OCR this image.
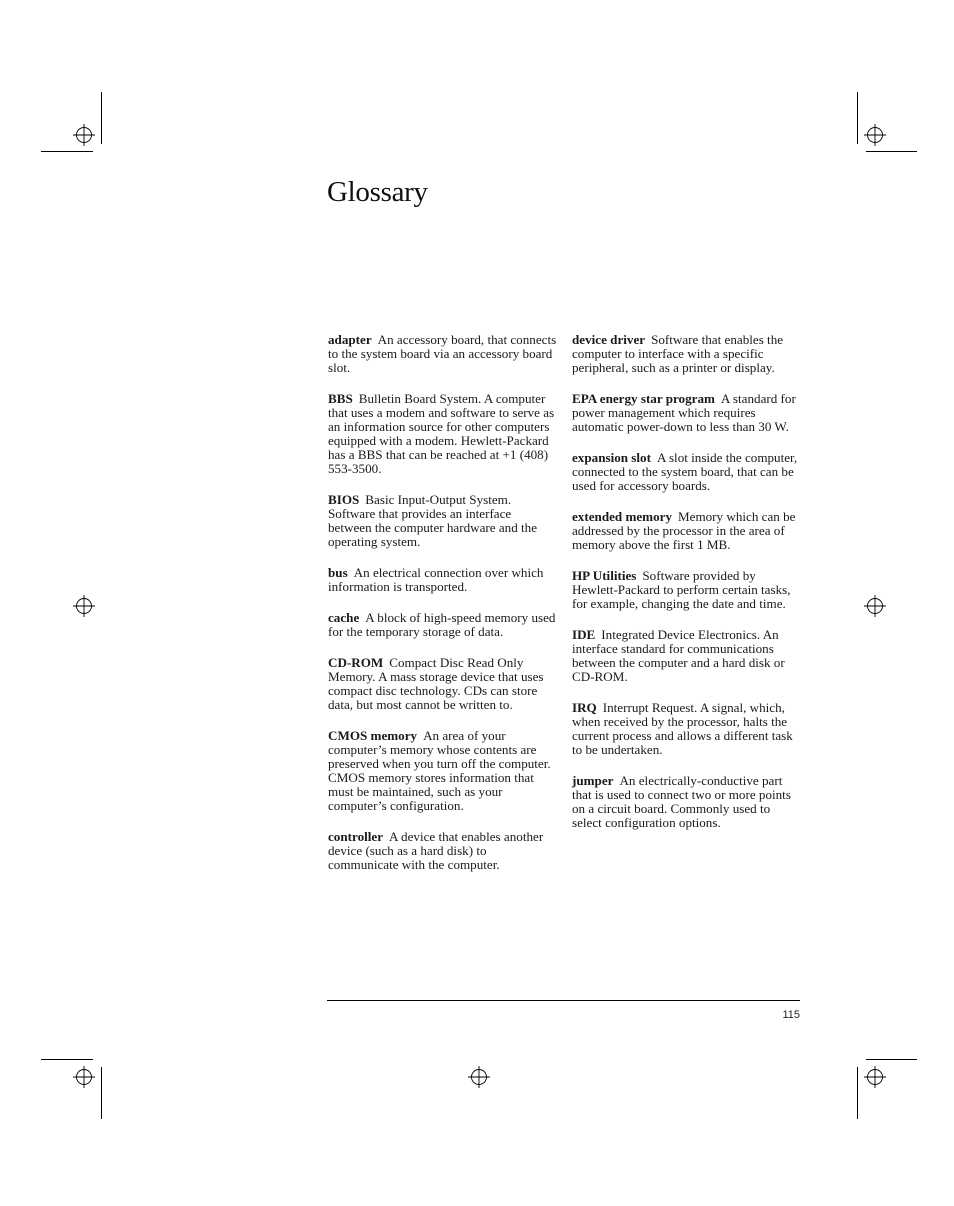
Glossary
adapter An accessory board, that connects to the system board via an accessory board slot.
BBS Bulletin Board System. A computer that uses a modem and software to serve as an information source for other computers equipped with a modem. Hewlett-Packard has a BBS that can be reached at +1 (408) 553-3500.
BIOS Basic Input-Output System. Software that provides an interface between the computer hardware and the operating system.
bus An electrical connection over which information is transported.
cache A block of high-speed memory used for the temporary storage of data.
CD-ROM Compact Disc Read Only Memory. A mass storage device that uses compact disc technology. CDs can store data, but most cannot be written to.
CMOS memory An area of your computer’s memory whose contents are preserved when you turn off the computer. CMOS memory stores information that must be maintained, such as your computer’s configuration.
controller A device that enables another device (such as a hard disk) to communicate with the computer.
device driver Software that enables the computer to interface with a specific peripheral, such as a printer or display.
EPA energy star program A standard for power management which requires automatic power-down to less than 30 W.
expansion slot A slot inside the computer, connected to the system board, that can be used for accessory boards.
extended memory Memory which can be addressed by the processor in the area of memory above the first 1 MB.
HP Utilities Software provided by Hewlett-Packard to perform certain tasks, for example, changing the date and time.
IDE Integrated Device Electronics. An interface standard for communications between the computer and a hard disk or CD-ROM.
IRQ Interrupt Request. A signal, which, when received by the processor, halts the current process and allows a different task to be undertaken.
jumper An electrically-conductive part that is used to connect two or more points on a circuit board. Commonly used to select configuration options.
115
